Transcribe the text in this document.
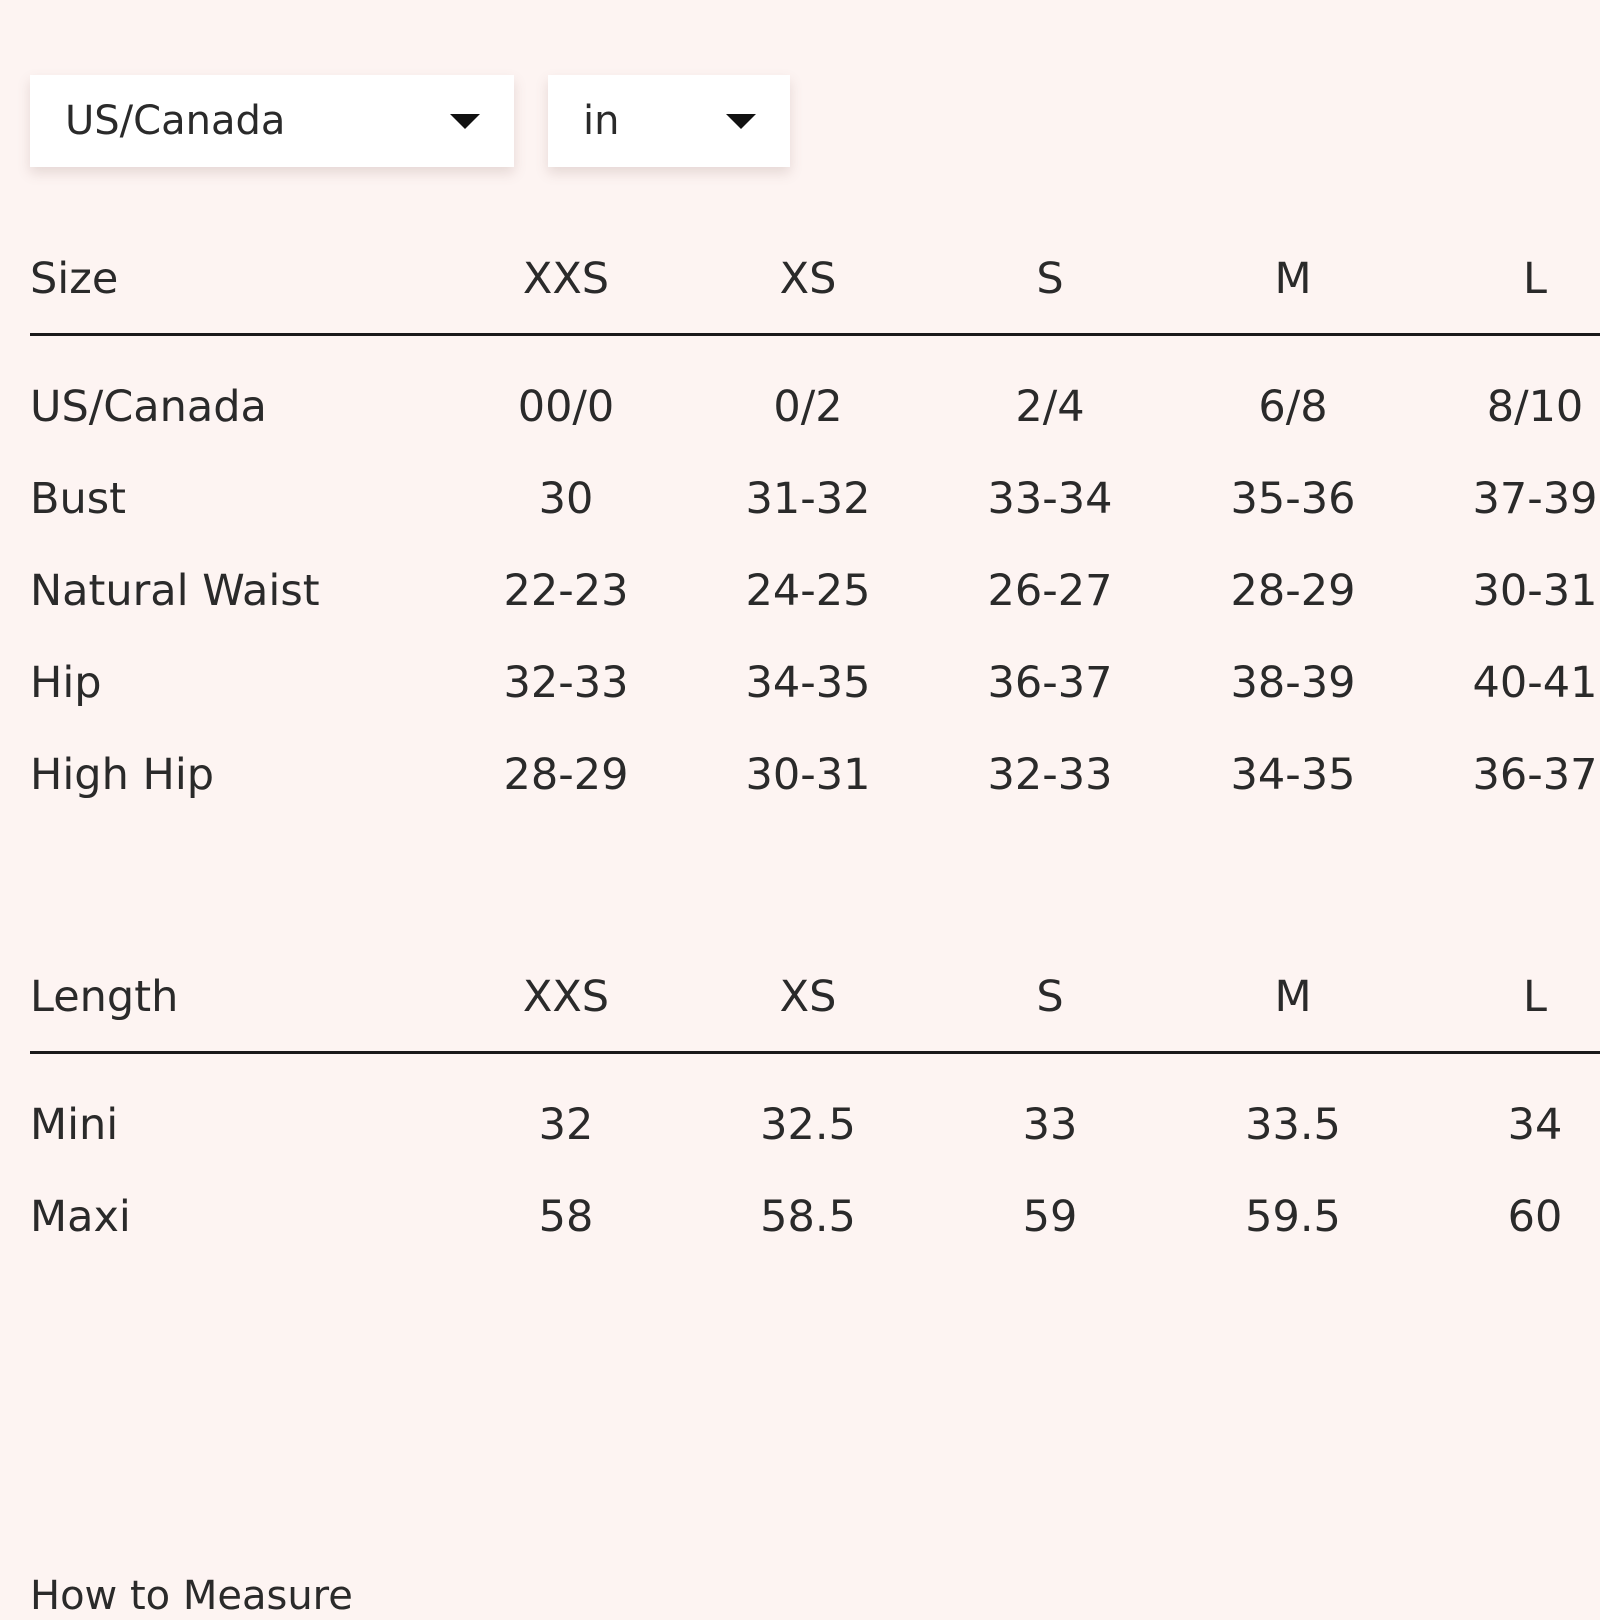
US/Canada	in
Size	XXS	XS	S	M	L
US/Canada	00/0	0/2	2/4	6/8	8/10
Bust	30	31-32	33-34	35-36	37-39
Natural Waist	22-23	24-25	26-27	28-29	30-31
Hip	32-33	34-35	36-37	38-39	40-41
High Hip	28-29	30-31	32-33	34-35	36-37
Length	XXS	XS	S	M	L
Mini	32	32.5	33	33.5	34
Maxi	58	58.5	59	59.5	60
How to Measure
